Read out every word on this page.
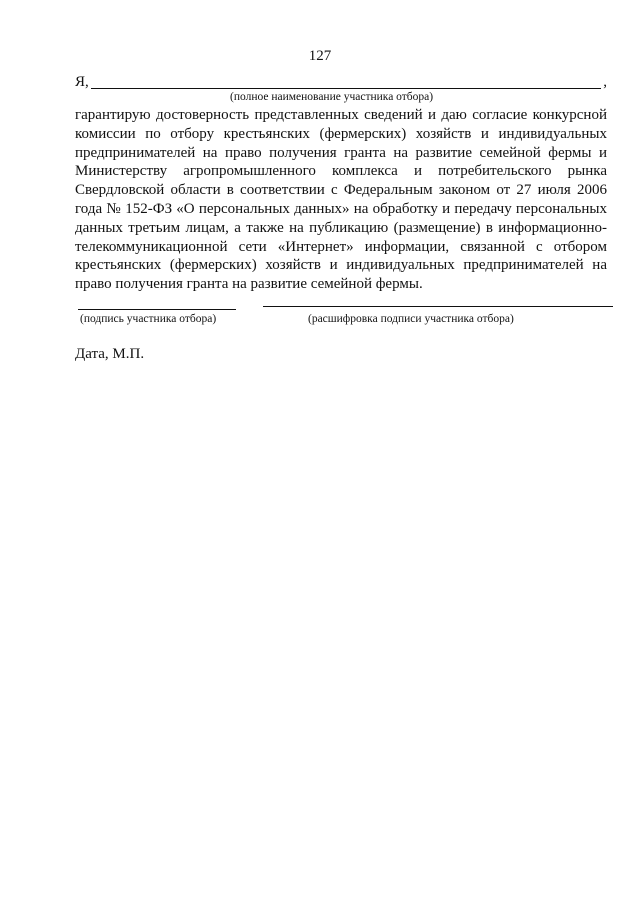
127
Я,	,
(полное наименование участника отбора)

гарантирую достоверность представленных сведений и даю согласие конкурсной комиссии по отбору крестьянских (фермерских) хозяйств и индивидуальных предпринимателей на право получения гранта на развитие семейной фермы и Министерству агропромышленного комплекса и потребительского рынка Свердловской области в соответствии с Федеральным законом от 27 июля 2006 года № 152-ФЗ «О персональных данных» на обработку и передачу персональных данных третьим лицам, а также на публикацию (размещение) в информационно-телекоммуникационной сети «Интернет» информации, связанной с отбором крестьянских (фермерских) хозяйств и индивидуальных предпринимателей на право получения гранта на развитие семейной фермы.

(подпись участника отбора)	(расшифровка подписи участника отбора)
Дата, М.П.
